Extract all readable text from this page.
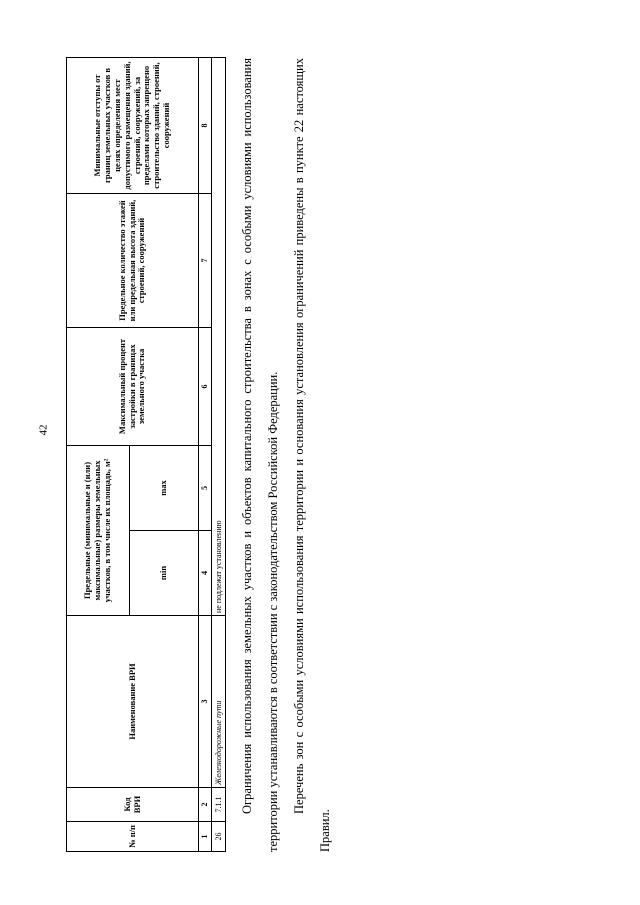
42
№ п/п	Код ВРИ	Наименование ВРИ	Предельные (минимальные и (или) максимальные) размеры земельных участков, в том числе их площадь, м²		Максимальный процент застройки в границах земельного участка	Предельное количество этажей или предельная высота зданий, строений, сооружений	Минимальные отступы от границ земельных участков в целях определения мест допустимого размещения зданий, строений, сооружений, за пределами которых запрещено строительство зданий, строений, сооружений
			min	max			
1	2	3	4	5	6	7	8
26	7.1.1	Железнодорожные пути	не подлежат установлению					Ограничения использования земельных участков и объектов капитального строительства в зонах с особыми условиями использования территории устанавливаются в соответствии с законодательством Российской Федерации. Перечень зон с особыми условиями использования территории и основания установления ограничений приведены в пункте 22 настоящих Правил.
